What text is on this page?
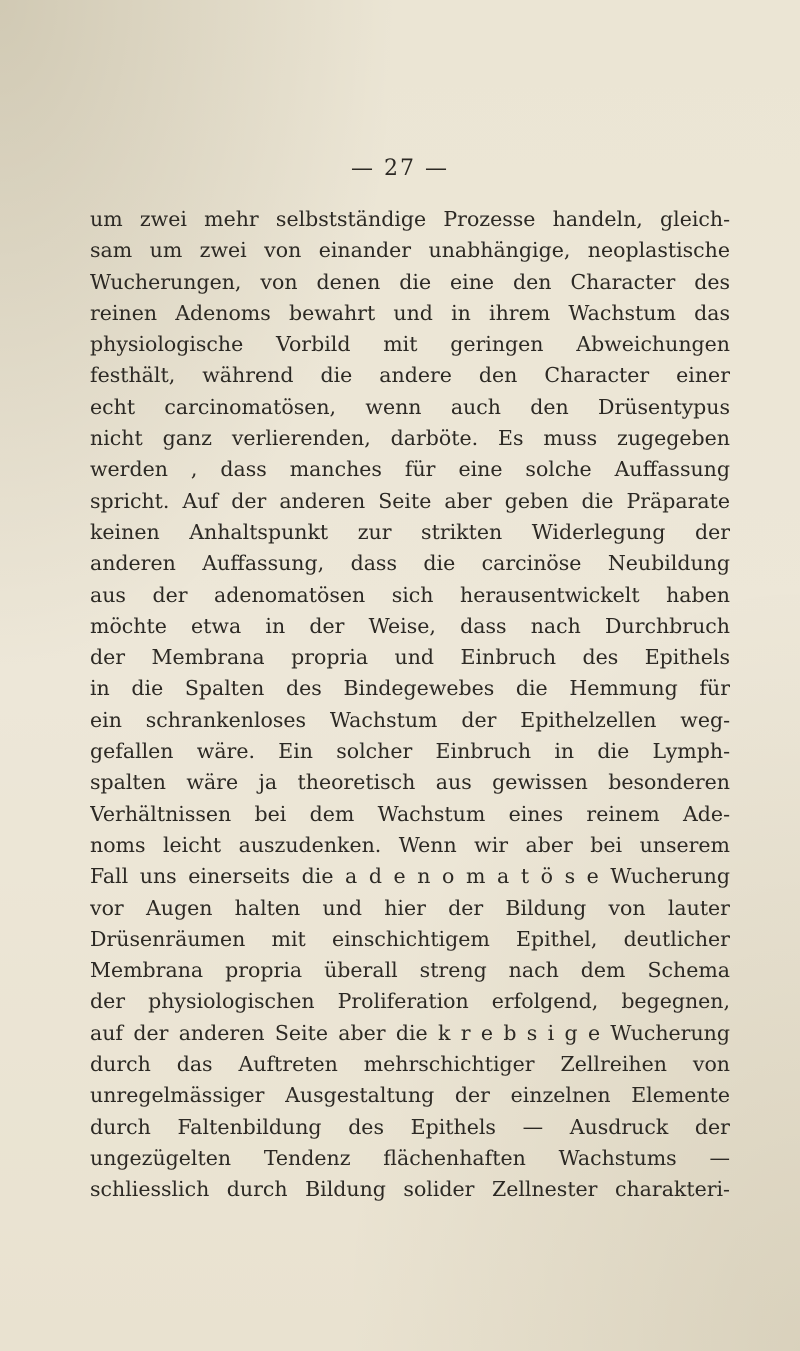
— 27 —
um zwei mehr selbstständige Prozesse handeln, gleich-
sam um zwei von einander unabhängige, neoplastische
Wucherungen, von denen die eine den Character des
reinen Adenoms bewahrt und in ihrem Wachstum das
physiologische Vorbild mit geringen Abweichungen
festhält, während die andere den Character einer
echt carcinomatösen, wenn auch den Drüsentypus
nicht ganz verlierenden, darböte. Es muss zugegeben
werden , dass manches für eine solche Auffassung
spricht. Auf der anderen Seite aber geben die Präparate
keinen Anhaltspunkt zur strikten Widerlegung der
anderen Auffassung, dass die carcinöse Neubildung
aus der adenomatösen sich herausentwickelt haben
möchte etwa in der Weise, dass nach Durchbruch
der Membrana propria und Einbruch des Epithels
in die Spalten des Bindegewebes die Hemmung für
ein schrankenloses Wachstum der Epithelzellen weg-
gefallen wäre. Ein solcher Einbruch in die Lymph-
spalten wäre ja theoretisch aus gewissen besonderen
Verhältnissen bei dem Wachstum eines reinem Ade-
noms leicht auszudenken. Wenn wir aber bei unserem
Fall uns einerseits die a d e n o m a t ö s e Wucherung
vor Augen halten und hier der Bildung von lauter
Drüsenräumen mit einschichtigem Epithel, deutlicher
Membrana propria überall streng nach dem Schema
der physiologischen Proliferation erfolgend, begegnen,
auf der anderen Seite aber die k r e b s i g e Wucherung
durch das Auftreten mehrschichtiger Zellreihen von
unregelmässiger Ausgestaltung der einzelnen Elemente
durch Faltenbildung des Epithels — Ausdruck der
ungezügelten Tendenz flächenhaften Wachstums —
schliesslich durch Bildung solider Zellnester charakteri-
